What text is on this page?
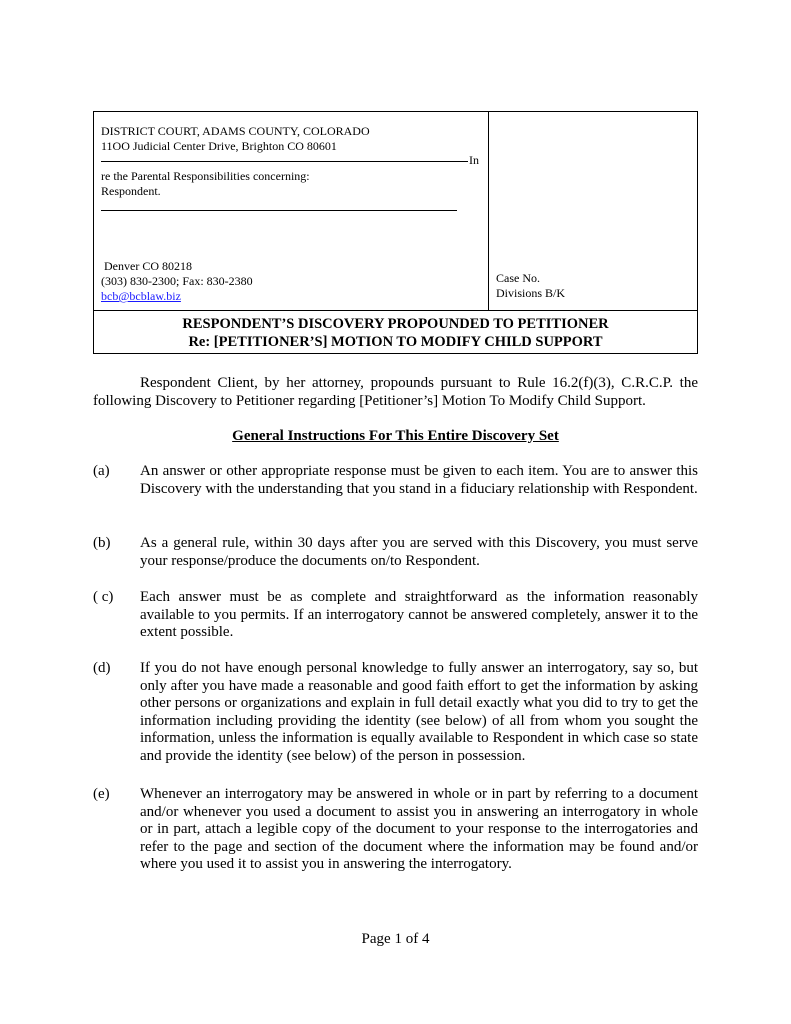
DISTRICT COURT, ADAMS COUNTY, COLORADO
11OO Judicial Center Drive, Brighton CO 80601
In
re the Parental Responsibilities concerning:
Respondent.
Denver CO 80218
(303) 830-2300; Fax: 830-2380
bcb@bcblaw.biz
Case No.
Divisions B/K
RESPONDENT’S DISCOVERY PROPOUNDED TO PETITIONER
Re: [PETITIONER’S] MOTION TO MODIFY CHILD SUPPORT
Respondent Client, by her attorney, propounds pursuant to Rule 16.2(f)(3), C.R.C.P. the following Discovery to Petitioner regarding [Petitioner’s] Motion To Modify Child Support.
General Instructions For This Entire Discovery Set
(a)	An answer or other appropriate response must be given to each item. You are to answer this Discovery with the understanding that you stand in a fiduciary relationship with Respondent.
(b)	As a general rule, within 30 days after you are served with this Discovery, you must serve your response/produce the documents on/to Respondent.
( c)	Each answer must be as complete and straightforward as the information reasonably available to you permits. If an interrogatory cannot be answered completely, answer it to the extent possible.
(d)	If you do not have enough personal knowledge to fully answer an interrogatory, say so, but only after you have made a reasonable and good faith effort to get the information by asking other persons or organizations and explain in full detail exactly what you did to try to get the information including providing the identity (see below) of all from whom you sought the information, unless the information is equally available to Respondent in which case so state and provide the identity (see below) of the person in possession.
(e)	Whenever an interrogatory may be answered in whole or in part by referring to a document and/or whenever you used a document to assist you in answering an interrogatory in whole or in part, attach a legible copy of the document to your response to the interrogatories and refer to the page and section of the document where the information may be found and/or where you used it to assist you in answering the interrogatory.
Page 1 of 4
